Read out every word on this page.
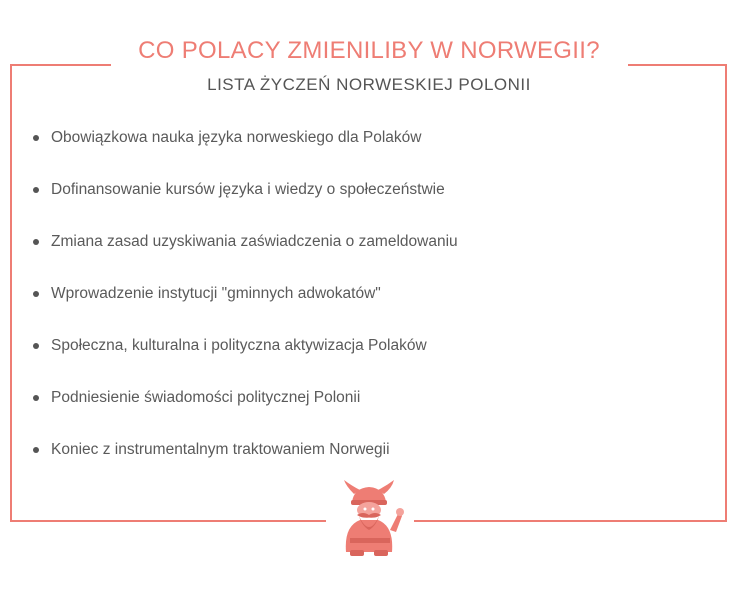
CO POLACY ZMIENILIBY W NORWEGII?
LISTA ŻYCZEŃ NORWESKIEJ POLONII
Obowiązkowa nauka języka norweskiego dla Polaków
Dofinansowanie kursów języka i wiedzy o społeczeństwie
Zmiana zasad uzyskiwania zaświadczenia o zameldowaniu
Wprowadzenie instytucji "gminnych adwokatów"
Społeczna, kulturalna i polityczna aktywizacja Polaków
Podniesienie świadomości politycznej Polonii
Koniec z instrumentalnym traktowaniem Norwegii
